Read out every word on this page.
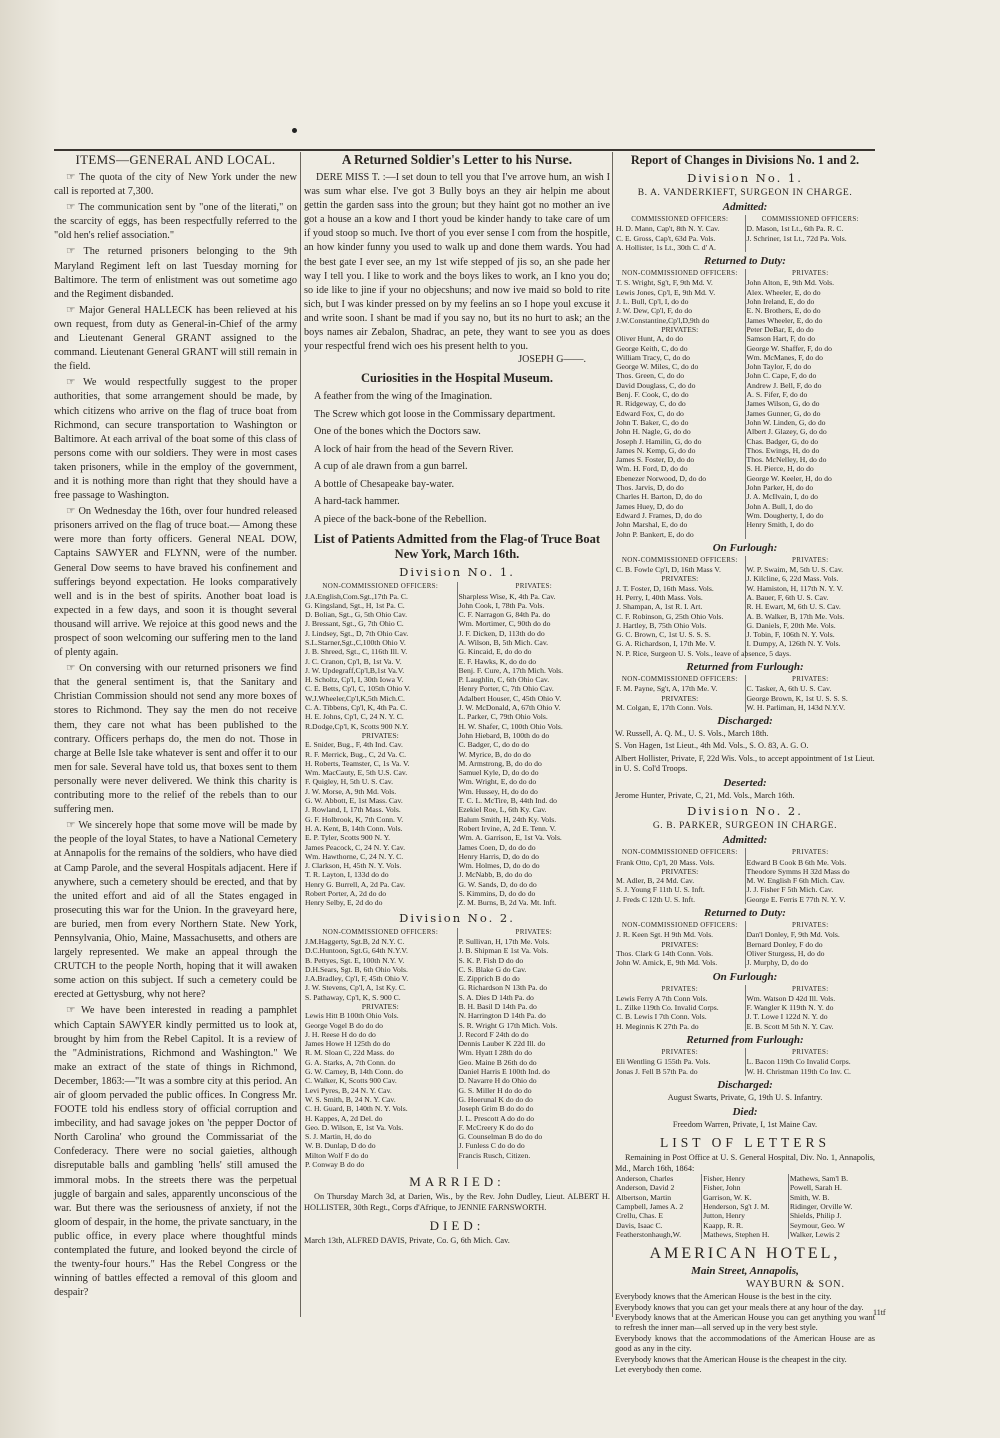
ITEMS—GENERAL AND LOCAL.

☞ The quota of the city of New York under the new call is reported at 7,300.

☞ The communication sent by "one of the literati," on the scarcity of eggs, has been respectfully referred to the "old hen's relief association."

☞ The returned prisoners belonging to the 9th Maryland Regiment left on last Tuesday morning for Baltimore. The term of enlistment was out sometime ago and the Regiment disbanded.

☞ Major General HALLECK has been relieved at his own request, from duty as General-in-Chief of the army and Lieutenant General GRANT assigned to the command. Lieutenant General GRANT will still remain in the field.

☞ We would respectfully suggest to the proper authorities, that some arrangement should be made, by which citizens who arrive on the flag of truce boat from Richmond, can secure transportation to Washington or Baltimore. At each arrival of the boat some of this class of persons come with our soldiers. They were in most cases taken prisoners, while in the employ of the government, and it is nothing more than right that they should have a free passage to Washington.

☞ On Wednesday the 16th, over four hundred released prisoners arrived on the flag of truce boat.— Among these were more than forty officers. General NEAL DOW, Captains SAWYER and FLYNN, were of the number. General Dow seems to have braved his confinement and sufferings beyond expectation. He looks comparatively well and is in the best of spirits. Another boat load is expected in a few days, and soon it is thought several thousand will arrive. We rejoice at this good news and the prospect of soon welcoming our suffering men to the land of plenty again.

☞ On conversing with our returned prisoners we find that the general sentiment is, that the Sanitary and Christian Commission should not send any more boxes of stores to Richmond. They say the men do not receive them, they care not what has been published to the contrary. Officers perhaps do, the men do not. Those in charge at Belle Isle take whatever is sent and offer it to our men for sale. Several have told us, that boxes sent to them personally were never delivered. We think this charity is contributing more to the relief of the rebels than to our suffering men.

☞ We sincerely hope that some move will be made by the people of the loyal States, to have a National Cemetery at Annapolis for the remains of the soldiers, who have died at Camp Parole, and the several Hospitals adjacent. Here if anywhere, such a cemetery should be erected, and that by the united effort and aid of all the States engaged in prosecuting this war for the Union. In the graveyard here, are buried, men from every Northern State. New York, Pennsylvania, Ohio, Maine, Massachusetts, and others are largely represented. We make an appeal through the CRUTCH to the people North, hoping that it will awaken some action on this subject. If such a cemetery could be erected at Gettysburg, why not here?

☞ We have been interested in reading a pamphlet which Captain SAWYER kindly permitted us to look at, brought by him from the Rebel Capitol. It is a review of the "Administrations, Richmond and Washington." We make an extract of the state of things in Richmond, December, 1863:—"It was a sombre city at this period. An air of gloom pervaded the public offices. In Congress Mr. FOOTE told his endless story of official corruption and imbecility, and had savage jokes on 'the pepper Doctor of North Carolina' who ground the Commissariat of the Confederacy. There were no social gaieties, although disreputable balls and gambling 'hells' still amused the immoral mobs. In the streets there was the perpetual juggle of bargain and sales, apparently unconscious of the war. But there was the seriousness of anxiety, if not the gloom of despair, in the home, the private sanctuary, in the public office, in every place where thoughtful minds contemplated the future, and looked beyond the circle of the twenty-four hours." Has the Rebel Congress or the winning of battles effected a removal of this gloom and despair?

A Returned Soldier's Letter to his Nurse.

DERE MISS T. :—I set doun to tell you that I've arrove hum, an wish I was sum whar else. I've got 3 Bully boys an they air helpin me about gettin the garden sass into the groun; but they haint got no mother an ive got a house an a kow and I thort youd be kinder handy to take care of um if youd stoop so much. Ive thort of you ever sense I com from the hospitle, an how kinder funny you used to walk up and done them wards. You had the best gate I ever see, an my 1st wife stepped of jis so, an she pade her way I tell you. I like to work and the boys likes to work, an I kno you do; so ide like to jine if your no objecshuns; and now ive maid so bold to rite sich, but I was kinder pressed on by my feelins an so I hope youl excuse it and write soon. I shant be mad if you say no, but its no hurt to ask; an the boys names air Zebalon, Shadrac, an pete, they want to see you as does your respectful frend wich oes his present helth to you.

JOSEPH G——.

Curiosities in the Hospital Museum.

A feather from the wing of the Imagination.

The Screw which got loose in the Commissary department.

One of the bones which the Doctors saw.

A lock of hair from the head of the Severn River.

A cup of ale drawn from a gun barrel.

A bottle of Chesapeake bay-water.

A hard-tack hammer.

A piece of the back-bone of the Rebellion.

List of Patients Admitted from the Flag-of Truce Boat New York, March 16th.
Division No. 1.
NON-COMMISSIONED OFFICERS:	PRIVATES:
J.A.English,Com.Sgt.,17th Pa. C.	Sharpless Wise, K, 4th Pa. Cav.
G. Kingsland, Sgt., H, 1st Pa. C.	John Cook, I, 78th Pa. Vols.
D. Bolian, Sgt., G, 5th Ohio Cav.	C. F. Narragon G, 84th Pa. do
J. Bressant, Sgt., G, 7th Ohio C.	Wm. Mortimer, C, 90th do do
J. Lindsey, Sgt., D, 7th Ohio Cav.	J. F. Dicken, D, 113th do do
S.L.Starner,Sgt.,C,100th Ohio V.	A. Wilson, B, 5th Mich. Cav.
J. B. Shreed, Sgt., C, 116th Ill. V.	G. Kincaid, E, do do do
J. C. Cranon, Cp'l, B, 1st Va. V.	E. F. Hawks, K, do do do
J. W. Updegraff,Cp'l,B,1st Va.V.	Benj. F. Cure, A, 17th Mich. Vols.
H. Scholtz, Cp'l, I, 30th Iowa V.	P. Laughlin, C, 6th Ohio Cav.
C. E. Betts, Cp'l, C, 105th Ohio V.	Henry Porter, C, 7th Ohio Cav.
W.J.Wheeler,Cp'l,K,5th Mich.C.	Adalbert Houser, C, 45th Ohio V.
C. A. Tibbens, Cp'l, K, 4th Pa. C.	J. W. McDonald, A, 67th Ohio V.
H. E. Johns, Cp'l, C, 24 N. Y. C.	L. Parker, C, 79th Ohio Vols.
R.Dodge,Cp'l, K, Scotts 900 N.Y.	H. W. Shafer, C, 100th Ohio Vols.
PRIVATES:	John Hiebard, B, 100th do do
E. Snider, Bug., F, 4th Ind. Cav.	C. Badger, C, do do do
R. F. Merrick, Bug., C, 2d Va. C.	W. Myrice, B, do do do
H. Roberts, Teamster, C, 1s Va. V.	M. Armstrong, B, do do do
Wm. MacCauty, E, 5th U.S. Cav.	Samuel Kyle, D, do do do
F. Quigley, H, 5th U. S. Cav.	Wm. Wright, E, do do do
J. W. Morse, A, 9th Md. Vols.	Wm. Hussey, H, do do do
G. W. Abbott, E, 1st Mass. Cav.	T. C. L. McTire, B, 44th Ind. do
J. Rowland, I, 17th Mass. Vols.	Ezekiel Roe, L, 6th Ky. Cav.
G. F. Holbrook, K, 7th Conn. V.	Balum Smith, H, 24th Ky. Vols.
H. A. Kent, B, 14th Conn. Vols.	Robert Irvine, A, 2d E. Tenn. V.
E. P. Tyler, Scotts 900 N. Y.	Wm. A. Garrison, E, 1st Va. Vols.
James Peacock, C, 24 N. Y. Cav.	James Coen, D, do do do
Wm. Hawthorne, C, 24 N. Y. C.	Henry Harris, D, do do do
J. Clarkson, H, 45th N. Y. Vols.	Wm. Holmes, D, do do do
T. R. Layton, I, 133d do do	J. McNabb, B, do do do
Henry G. Burrell, A, 2d Pa. Cav.	G. W. Sands, D, do do do
Robert Porter, A, 2d do do	S. Kimmins, D, do do do
Henry Selby, E, 2d do do	Z. M. Burns, B, 2d Va. Mt. Inft.
Division No. 2.
NON-COMMISSIONED OFFICERS:	PRIVATES:
J.M.Haggerty, Sgt.B, 2d N.Y. C.	P. Sullivan, H, 17th Me. Vols.
D.C.Huntoon, Sgt.G, 64th N.Y.V.	J. B. Shipman E 1st Va. Vols.
B. Pettyes, Sgt. E, 100th N.Y. V.	S. K. P. Fish D do do
D.H.Sears, Sgt. B, 6th Ohio Vols.	C. S. Blake G do Cav.
J.A.Bradley, Cp'l, F, 45th Ohio V.	E. Zipprich B do do
J. W. Stevens, Cp'l, A, 1st Ky. C.	G. Richardson N 13th Pa. do
S. Pathaway, Cp'l, K, S. 900 C.	S. A. Dies D 14th Pa. do
PRIVATES:	B. H. Basil D 14th Pa. do
Lewis Hitt B 100th Ohio Vols.	N. Harrington D 14th Pa. do
George Vogel B do do do	S. R. Wright G 17th Mich. Vols.
J. H. Reese H do do do	J. Record F 24th do do
James Howe H 125th do do	Dennis Lauber K 22d Ill. do
R. M. Sloan C, 22d Mass. do	Wm. Hyatt I 28th do do
G. A. Starks, A, 7th Conn. do	Geo. Maine B 26th do do
G. W. Carney, B, 14th Conn. do	Daniel Harris E 100th Ind. do
C. Walker, K, Scotts 900 Cav.	D. Navarre H do Ohio do
Levi Pyres, B, 24 N. Y. Cav.	G. S. Miller H do do do
W. S. Smith, B, 24 N. Y. Cav.	G. Hoerunal K do do do
C. H. Guard, B, 140th N. Y. Vols.	Joseph Grim B do do do
H. Kappes, A, 2d Del. do	J. L. Prescott A do do do
Geo. D. Wilson, E, 1st Va. Vols.	F. McCreery K do do do
S. J. Martin, H, do do	G. Counselman B do do do
W. B. Dunlap, D do do	J. Funless C do do do
Milton Wolf F do do	Francis Rusch, Citizen.
P. Conway B do do	
MARRIED:

On Thursday March 3d, at Darien, Wis., by the Rev. John Dudley, Lieut. ALBERT H. HOLLISTER, 30th Regt., Corps d'Afrique, to JENNIE FARNSWORTH.

DIED:

March 13th, ALFRED DAVIS, Private, Co. G, 6th Mich. Cav.

Report of Changes in Divisions No. 1 and 2.
Division No. 1.
B. A. VANDERKIEFT, SURGEON IN CHARGE.
Admitted:
COMMISSIONED OFFICERS:	COMMISSIONED OFFICERS:
H. D. Mann, Cap't, 8th N. Y. Cav.	D. Mason, 1st Lt., 6th Pa. R. C.
C. E. Gross, Cap't, 63d Pa. Vols.	J. Schriner, 1st Lt., 72d Pa. Vols.
A. Hollister, 1s Lt., 30th C. d' A.	
Returned to Duty:
NON-COMMISSIONED OFFICERS:	PRIVATES:
T. S. Wright, Sg't, F, 9th Md. V.	John Alton, E, 9th Md. Vols.
Lewis Jones, Cp'l, E, 9th Md. V.	Alex. Wheeler, E, do do
J. L. Bull, Cp'l, I, do do	John Ireland, E, do do
J. W. Dew, Cp'l, F, do do	E. N. Brothers, E, do do
J.W.Constantine,Cp'l,D,9th do	James Wheeler, E, do do
PRIVATES:	Peter DeBar, E, do do
Oliver Hunt, A, do do	Samson Hart, F, do do
George Keith, C, do do	George W. Shaffer, F, do do
William Tracy, C, do do	Wm. McManes, F, do do
George W. Miles, C, do do	John Taylor, F, do do
Thos. Green, C, do do	John C. Cape, F, do do
David Douglass, C, do do	Andrew J. Bell, F, do do
Benj. F. Cook, C, do do	A. S. Fifer, F, do do
R. Ridgeway, C, do do	James Wilson, G, do do
Edward Fox, C, do do	James Gunner, G, do do
John T. Baker, C, do do	John W. Linden, G, do do
John H. Nagle, G, do do	Albert J. Glazey, G, do do
Joseph J. Hamilin, G, do do	Chas. Badger, G, do do
James N. Kemp, G, do do	Thos. Ewings, H, do do
James S. Foster, D, do do	Thos. McNelley, H, do do
Wm. H. Ford, D, do do	S. H. Pierce, H, do do
Ebenezer Norwood, D, do do	George W. Keeler, H, do do
Thos. Jarvis, D, do do	John Parker, H, do do
Charles H. Barton, D, do do	J. A. McIlvain, I, do do
James Huey, D, do do	John A. Bull, I, do do
Edward J. Frames, D, do do	Wm. Dougherty, I, do do
John Marshal, E, do do	Henry Smith, I, do do
John P. Bankert, E, do do	
On Furlough:
NON-COMMISSIONED OFFICERS:	PRIVATES:
C. B. Fowle Cp'l, D, 16th Mass V.	W. P. Swaim, M, 5th U. S. Cav.
PRIVATES:	J. Kilcline, 6, 22d Mass. Vols.
J. T. Foster, D, 16th Mass. Vols.	W. Hamiston, H, 117th N. Y. V.
H. Perry, I, 40th Mass. Vols.	A. Bauer, F, 6th U. S. Cav.
J. Shampan, A, 1st R. I. Art.	R. H. Ewart, M, 6th U. S. Cav.
C. F. Robinson, G, 25th Ohio Vols.	A. B. Walker, B, 17th Me. Vols.
J. Hartley, B, 75th Ohio Vols.	G. Daniels, F, 20th Me. Vols.
G. C. Brown, C, 1st U. S. S. S.	J. Tobin, F, 106th N. Y. Vols.
G. A. Richardson, I, 17th Me. V.	I. Dumpy, A, 126th N. Y. Vols.
N. P. Rice, Surgeon U. S. Vols., leave of absence, 5 days.	
Returned from Furlough:
NON-COMMISSIONED OFFICERS:	PRIVATES:
F. M. Payne, Sg't, A, 17th Me. V.	C. Tasker, A, 6th U. S. Cav.
PRIVATES:	George Brown, K, 1st U. S. S. S.
M. Colgan, E, 17th Conn. Vols.	W. H. Parliman, H, 143d N.Y.V.
Discharged:

W. Russell, A. Q. M., U. S. Vols., March 18th.

S. Von Hagen, 1st Lieut., 4th Md. Vols., S. O. 83, A. G. O.

Albert Hollister, Private, F, 22d Wis. Vols., to accept appointment of 1st Lieut. in U. S. Col'd Troops.

Deserted:

Jerome Hunter, Private, C, 21, Md. Vols., March 16th.

Division No. 2.
G. B. PARKER, SURGEON IN CHARGE.
Admitted:
NON-COMMISSIONED OFFICERS:	PRIVATES:
Frank Otto, Cp'l, 20 Mass. Vols.	Edward B Cook B 6th Me. Vols.
PRIVATES:	Theodore Symms H 32d Mass do
M. Adler, B, 24 Md. Cav.	M. W. English F 6th Mich. Cav.
S. J. Young F 11th U. S. Inft.	J. J. Fisher F 5th Mich. Cav.
J. Freds C 12th U. S. Inft.	George E. Ferris E 77th N. Y. V.
Returned to Duty:
NON-COMMISSIONED OFFICERS:	PRIVATES:
J. R. Keen Sgt. H 9th Md. Vols.	Dan'l Donley, F, 9th Md. Vols.
PRIVATES:	Bernard Donley, F do do
Thos. Clark G 14th Conn. Vols.	Oliver Sturgess, H, do do
John W. Amick, E, 9th Md. Vols.	J. Murphy, D, do do
On Furlough:
PRIVATES:	PRIVATES:
Lewis Ferry A 7th Conn Vols.	Wm. Watson D 42d Ill. Vols.
L. Zilke 119th Co. Invalid Corps.	F. Wangler K 119th N. Y. do
C. B. Lewis I 7th Conn. Vols.	J. T. Lowe I 122d N. Y. do
H. Meginnis K 27th Pa. do	E. B. Scott M 5th N. Y. Cav.
Returned from Furlough:
PRIVATES:	PRIVATES:
Eli Wentling G 155th Pa. Vols.	L. Bacon 119th Co Invalid Corps.
Jonas J. Fell B 57th Pa. do	W. H. Christman 119th Co Inv. C.
Discharged:

August Swarts, Private, G, 19th U. S. Infantry.

Died:

Freedom Warren, Private, I, 1st Maine Cav.

LIST OF LETTERS

Remaining in Post Office at U. S. General Hospital, Div. No. 1, Annapolis, Md., March 16th, 1864:

Anderson, Charles	Fisher, Henry	Mathews, Sam'l B.
Anderson, David 2	Fisher, John	Powell, Sarah H.
Albertson, Martin	Garrison, W. K.	Smith, W. B.
Campbell, James A. 2	Henderson, Sg't J. M.	Ridinger, Orville W.
Crellu, Chas. E	Jutton, Henry	Shields, Philip J.
Davis, Isaac C.	Kaapp, R. R.	Seymour, Geo. W
Featherstonhaugh,W.	Mathews, Stephen H.	Walker, Lewis 2
AMERICAN HOTEL,
Main Street, Annapolis,
WAYBURN & SON.

Everybody knows that the American House is the best in the city.

Everybody knows that you can get your meals there at any hour of the day.

Everybody knows that at the American House you can get anything you want to refresh the inner man—all served up in the very best style.

Everybody knows that the accommodations of the American House are as good as any in the city.

Everybody knows that the American House is the cheapest in the city.

Let everybody then come.

11tf
